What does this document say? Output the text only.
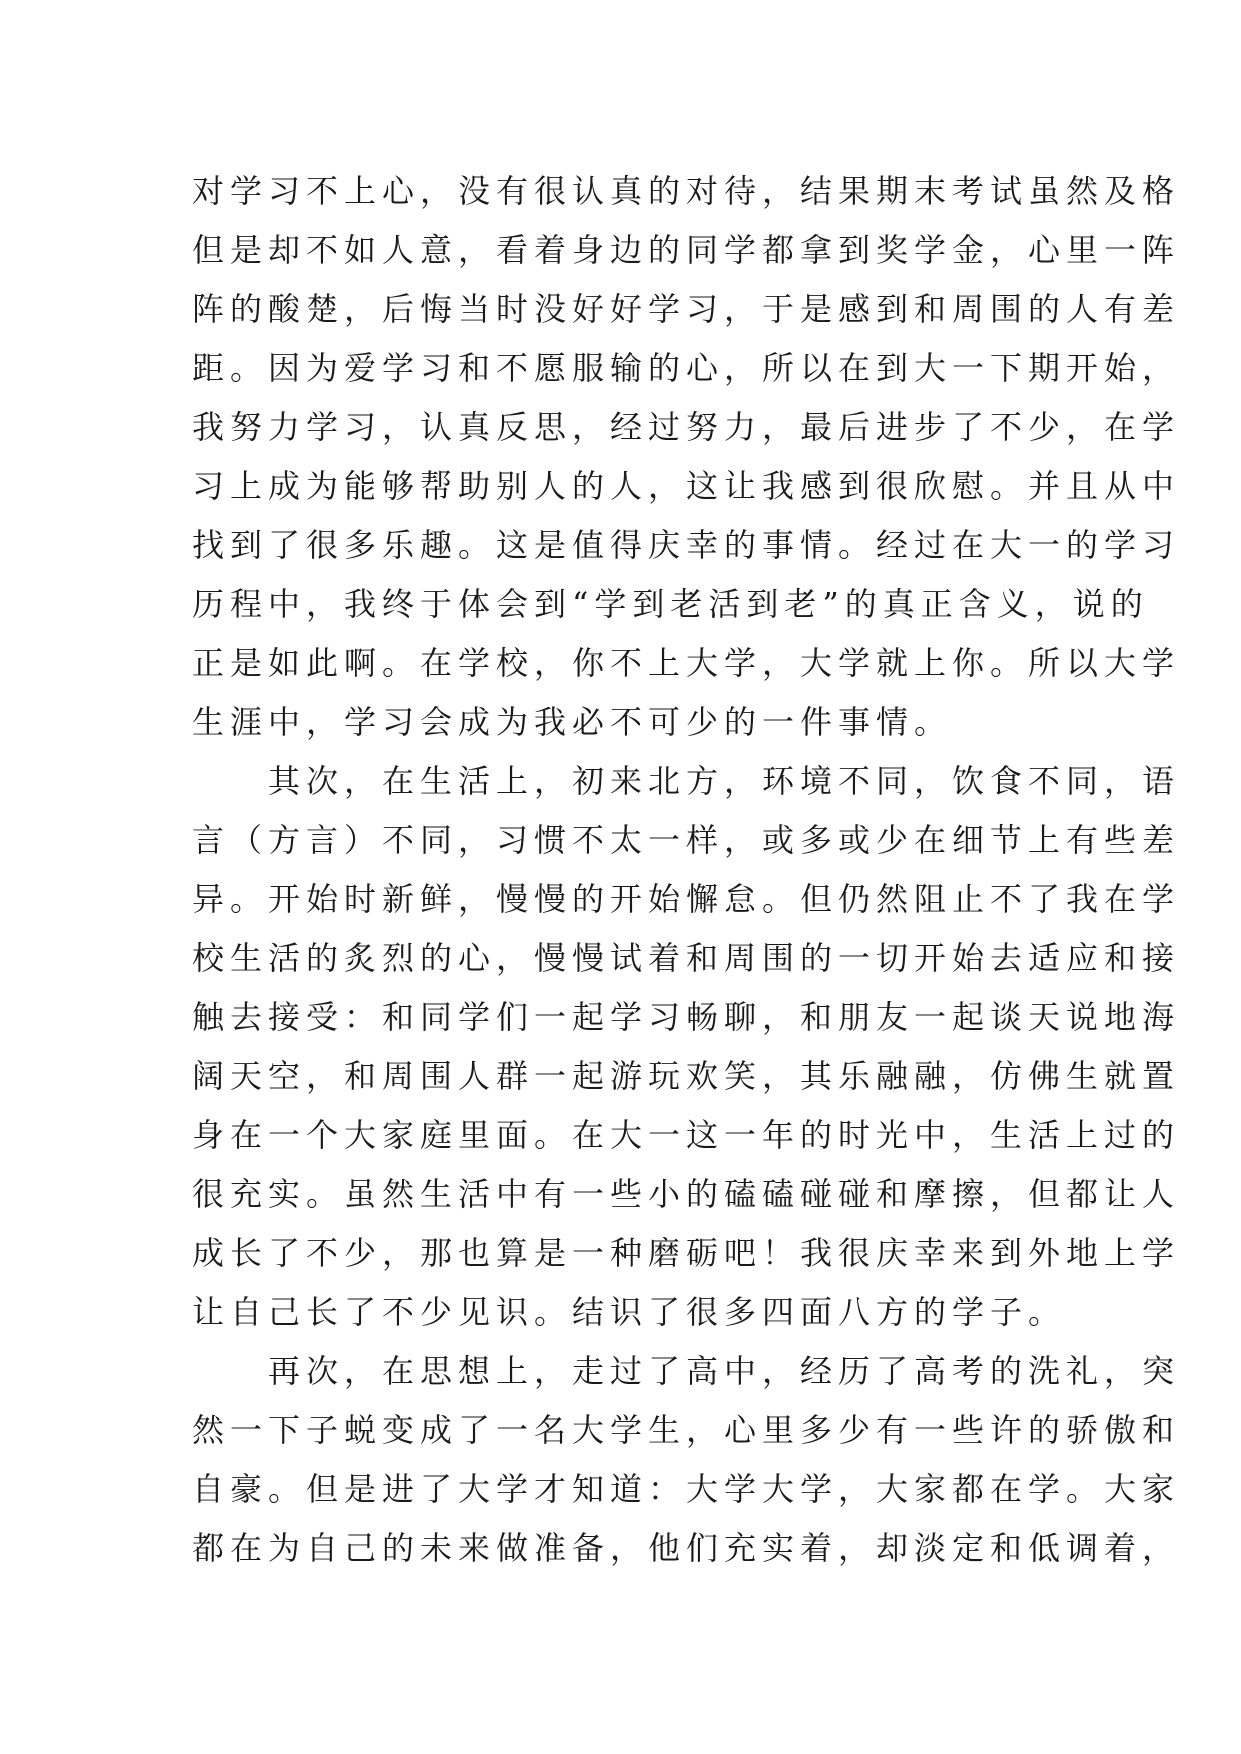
对学习不上心，没有很认真的对待，结果期末考试虽然及格
但是却不如人意，看着身边的同学都拿到奖学金，心里一阵
阵的酸楚，后悔当时没好好学习，于是感到和周围的人有差
距。因为爱学习和不愿服输的心，所以在到大一下期开始，
我努力学习，认真反思，经过努力，最后进步了不少，在学
习上成为能够帮助别人的人，这让我感到很欣慰。并且从中
找到了很多乐趣。这是值得庆幸的事情。经过在大一的学习
历程中，我终于体会到“学到老活到老”的真正含义，说的
正是如此啊。在学校，你不上大学，大学就上你。所以大学
生涯中，学习会成为我必不可少的一件事情。
　　其次，在生活上，初来北方，环境不同，饮食不同，语
言（方言）不同，习惯不太一样，或多或少在细节上有些差
异。开始时新鲜，慢慢的开始懈怠。但仍然阻止不了我在学
校生活的炙烈的心，慢慢试着和周围的一切开始去适应和接
触去接受：和同学们一起学习畅聊，和朋友一起谈天说地海
阔天空，和周围人群一起游玩欢笑，其乐融融，仿佛生就置
身在一个大家庭里面。在大一这一年的时光中，生活上过的
很充实。虽然生活中有一些小的磕磕碰碰和摩擦，但都让人
成长了不少，那也算是一种磨砺吧！我很庆幸来到外地上学
让自己长了不少见识。结识了很多四面八方的学子。
　　再次，在思想上，走过了高中，经历了高考的洗礼，突
然一下子蜕变成了一名大学生，心里多少有一些许的骄傲和
自豪。但是进了大学才知道：大学大学，大家都在学。大家
都在为自己的未来做准备，他们充实着，却淡定和低调着，
